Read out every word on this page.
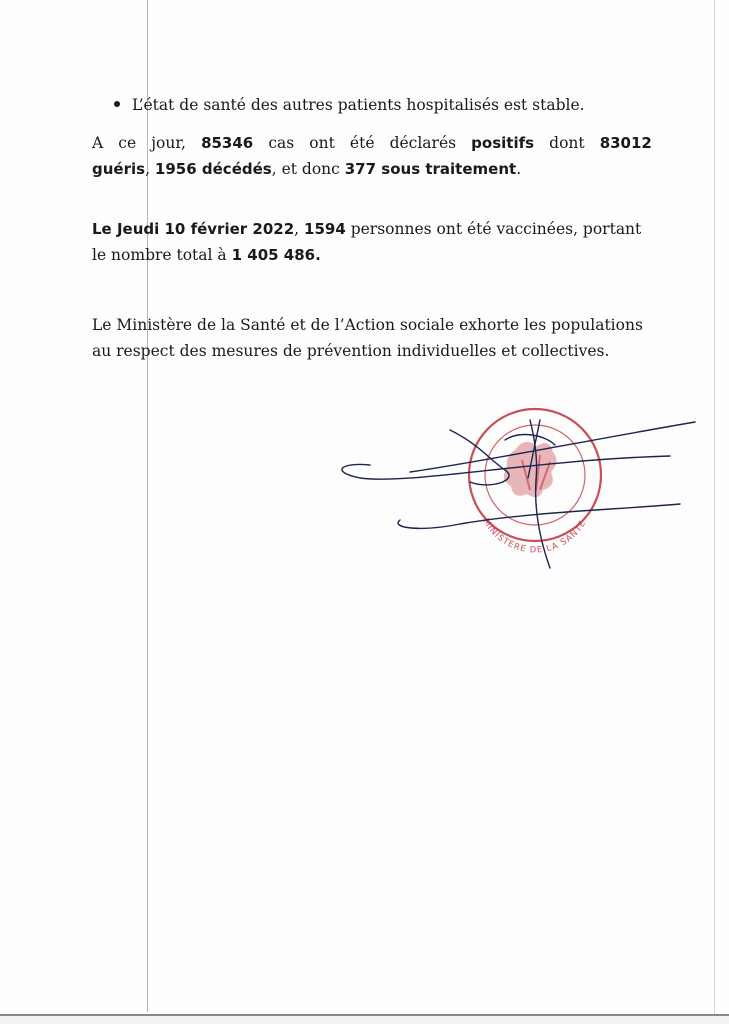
L’état de santé des autres patients hospitalisés est stable.
A ce jour, 85346 cas ont été déclarés positifs dont 83012
guéris, 1956 décédés, et donc 377 sous traitement.
Le Jeudi 10 février 2022, 1594 personnes ont été vaccinées, portant
le nombre total à 1 405 486.
Le Ministère de la Santé et de l’Action sociale exhorte les populations
au respect des mesures de prévention individuelles et collectives.
MINISTERE DE LA SANTE
